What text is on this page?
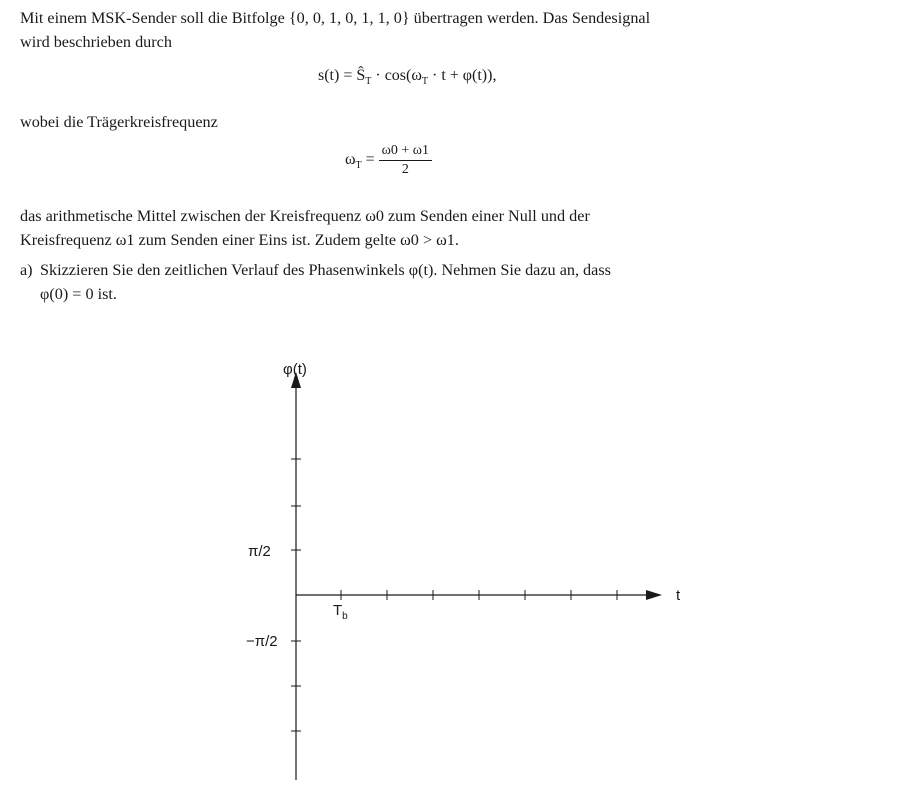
Mit einem MSK-Sender soll die Bitfolge {0, 0, 1, 0, 1, 1, 0} übertragen werden. Das Sendesignal
wird beschrieben durch
$s(t) = Ŝ_T \cdot \cos(\omega_T \cdot t + \varphi(t))$,
wobei die Trägerkreisfrequenz
$\omega_T = \frac{\omega 0 + \omega 1}{2}$
das arithmetische Mittel zwischen der Kreisfrequenz ω0 zum Senden einer Null und der
Kreisfrequenz ω1 zum Senden einer Eins ist. Zudem gelte ω0 > ω1.
a) Skizzieren Sie den zeitlichen Verlauf des Phasenwinkels φ(t). Nehmen Sie dazu an, dass
φ(0) = 0 ist.
φ(t)
t
π/2
−π/2
$T_b$
